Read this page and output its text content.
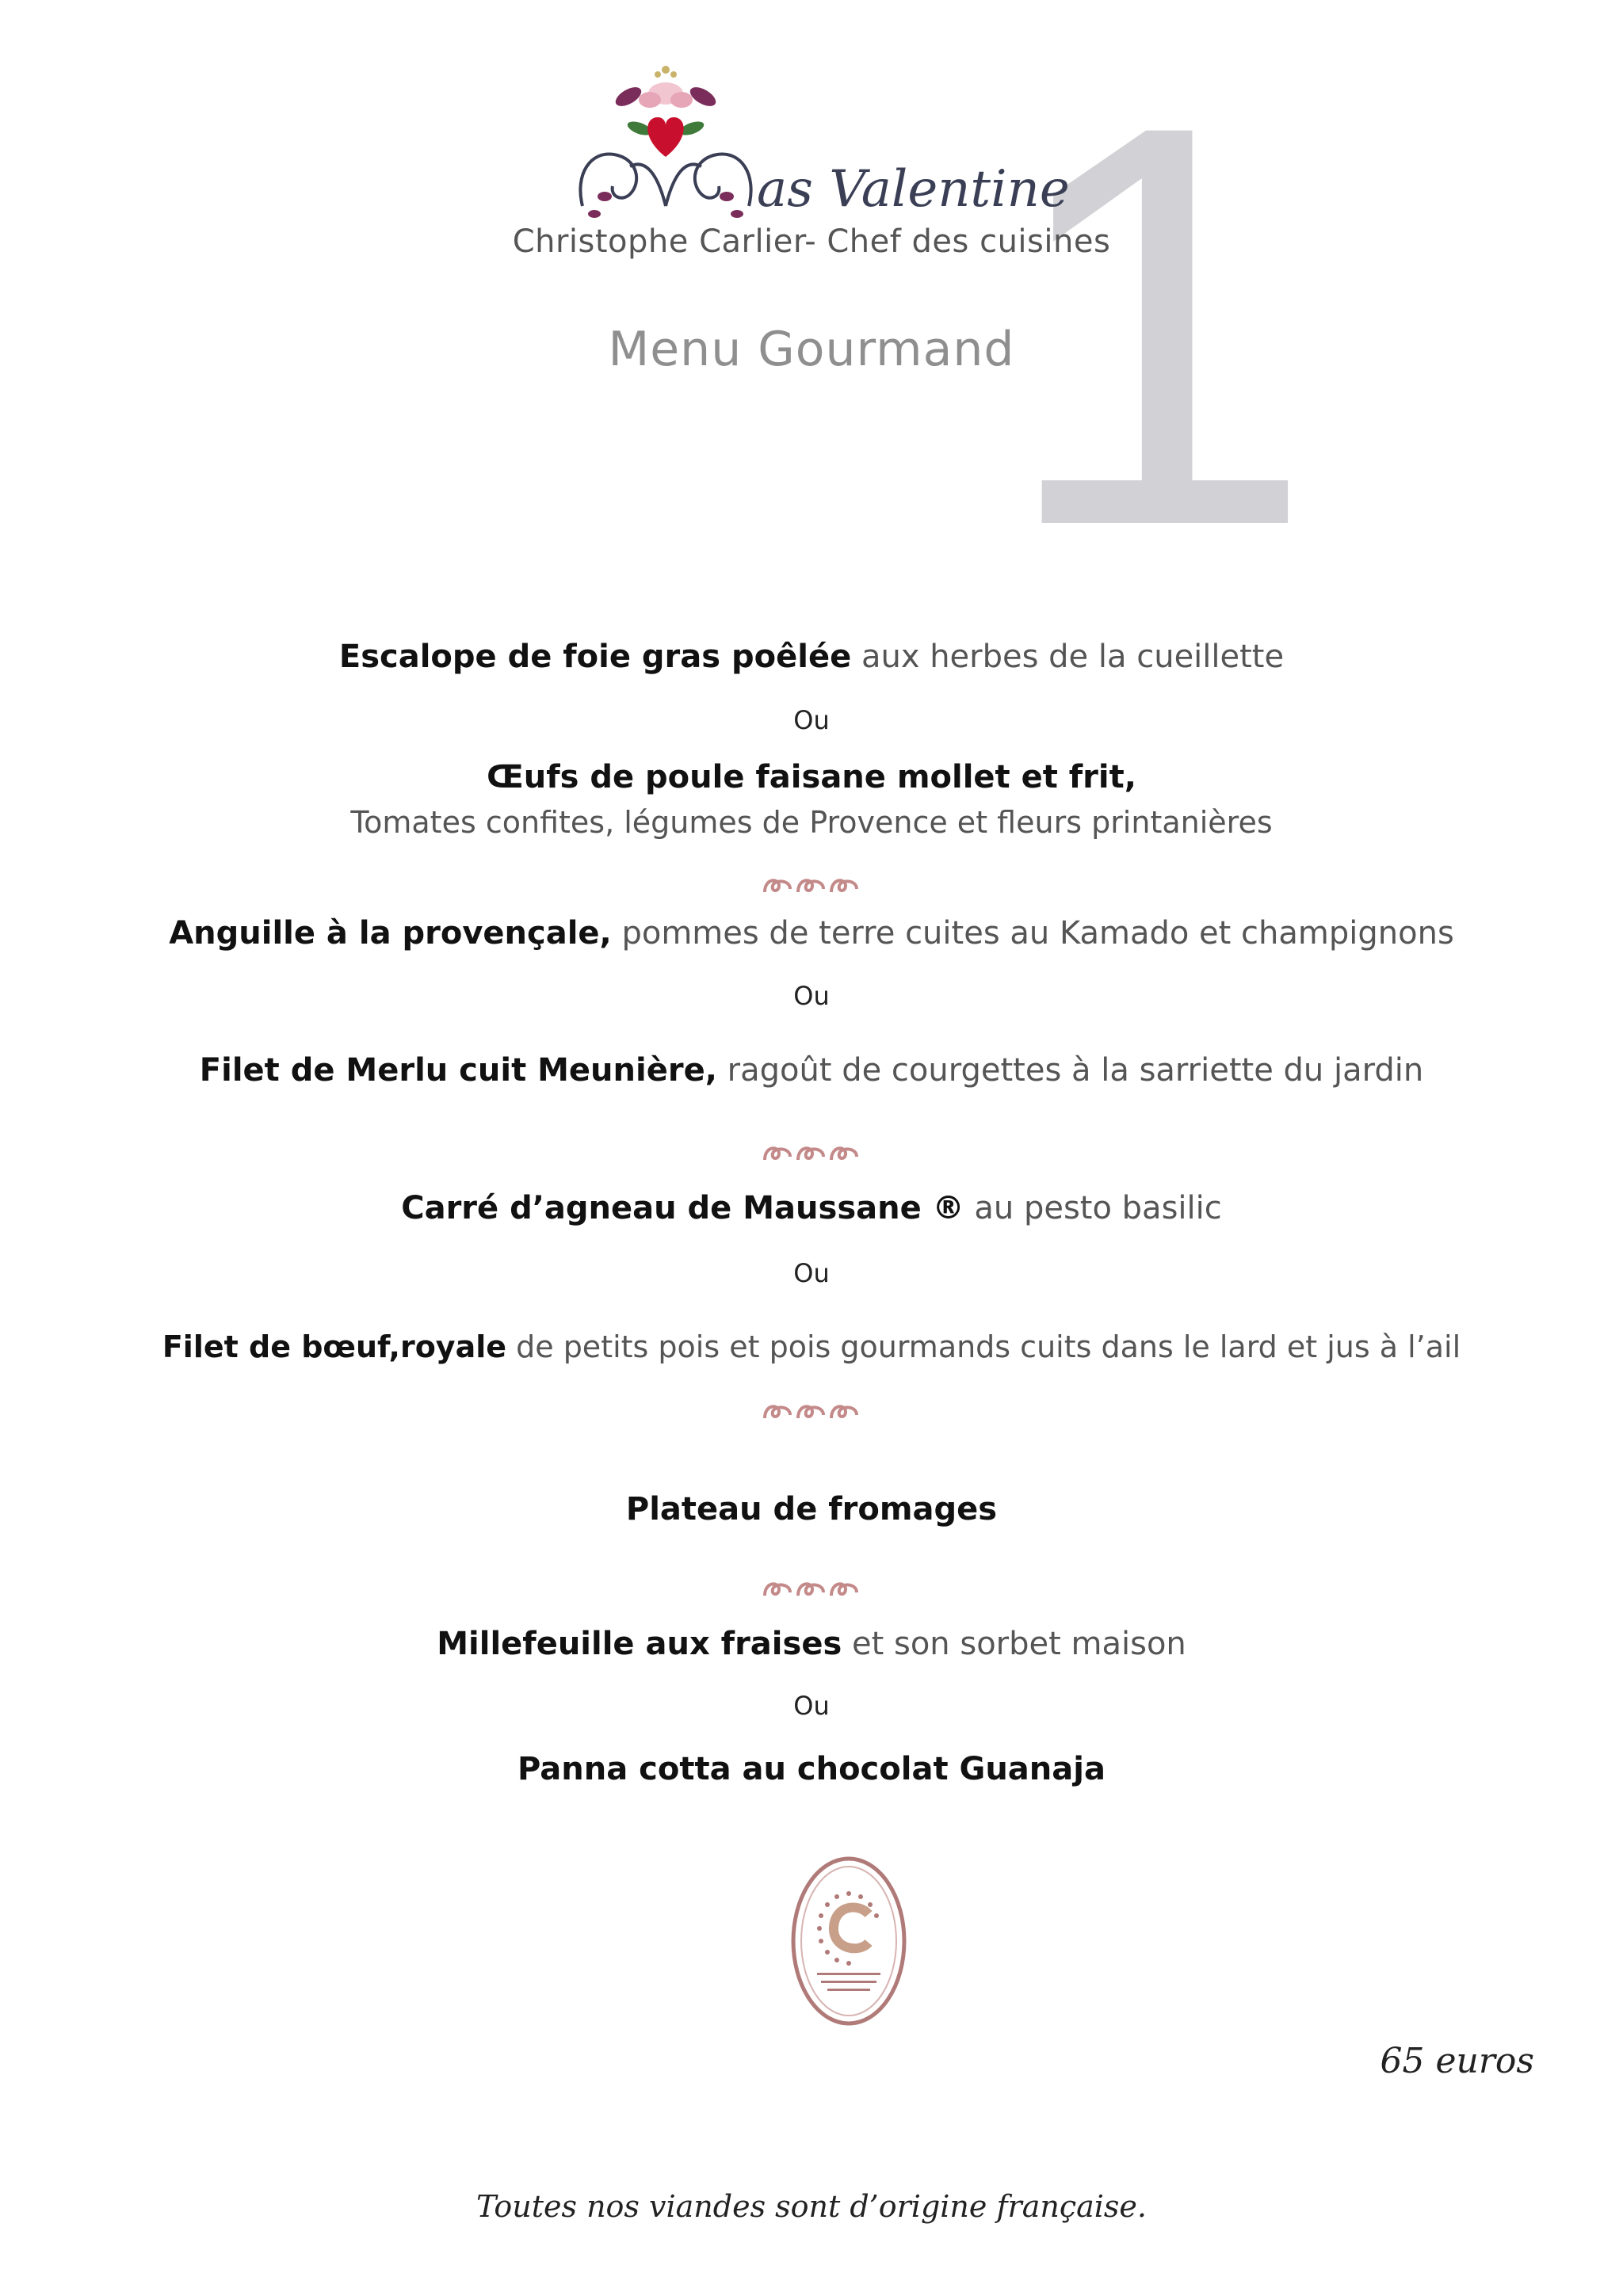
1
as Valentine
Christophe Carlier- Chef des cuisines
Menu Gourmand
Escalope de foie gras poêlée aux herbes de la cueillette
Ou
Œufs de poule faisane mollet et frit,
Tomates confites, légumes de Provence et fleurs printanières
Anguille à la provençale, pommes de terre cuites au Kamado et champignons
Ou
Filet de Merlu cuit Meunière, ragoût de courgettes à la sarriette du jardin
Carré d’agneau de Maussane ® au pesto basilic
Ou
Filet de bœuf,royale de petits pois et pois gourmands cuits dans le lard et jus à l’ail
Plateau de fromages
Millefeuille aux fraises et son sorbet maison
Ou
Panna cotta au chocolat Guanaja
65 euros
Toutes nos viandes sont d’origine française.
